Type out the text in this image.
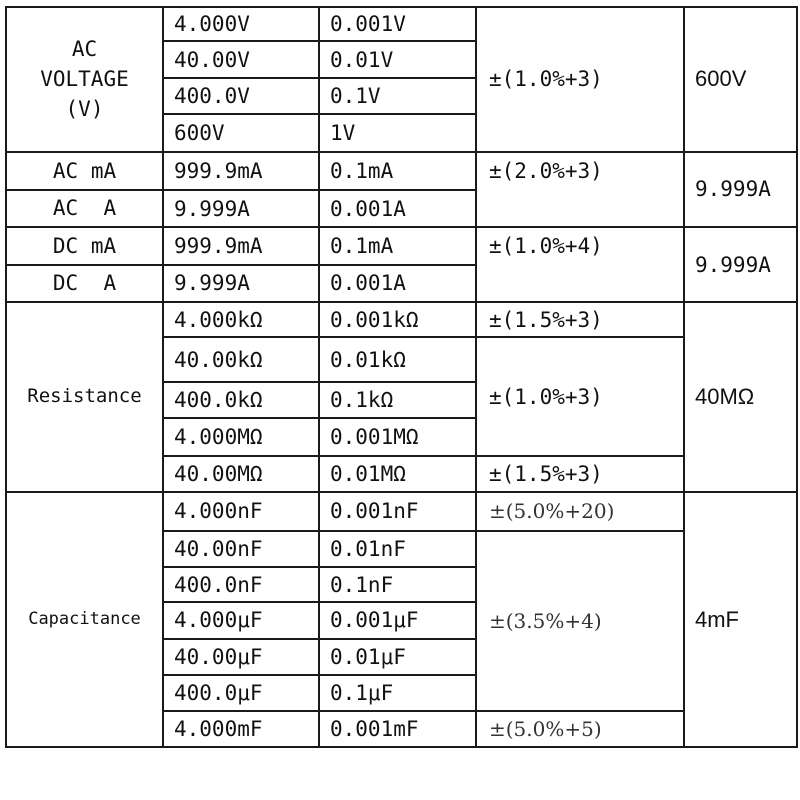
AC
VOLTAGE
(V)	4.000V	0.001V	±(1.0%+3)	600V
	40.00V	0.01V		
	400.0V	0.1V		
	600V	1V		
AC mA	999.9mA	0.1mA	±(2.0%+3)	9.999A
AC  A	9.999A	0.001A		
DC mA	999.9mA	0.1mA	±(1.0%+4)	9.999A
DC  A	9.999A	0.001A		
Resistance	4.000kΩ	0.001kΩ	±(1.5%+3)	40MΩ
	40.00kΩ	0.01kΩ	±(1.0%+3)	
	400.0kΩ	0.1kΩ		
	4.000MΩ	0.001MΩ		
	40.00MΩ	0.01MΩ	±(1.5%+3)	
Capacitance	4.000nF	0.001nF	±(5.0%+20)	4mF
	40.00nF	0.01nF	±(3.5%+4)	
	400.0nF	0.1nF		
	4.000μF	0.001μF		
	40.00μF	0.01μF		
	400.0μF	0.1μF		
	4.000mF	0.001mF	±(5.0%+5)	
